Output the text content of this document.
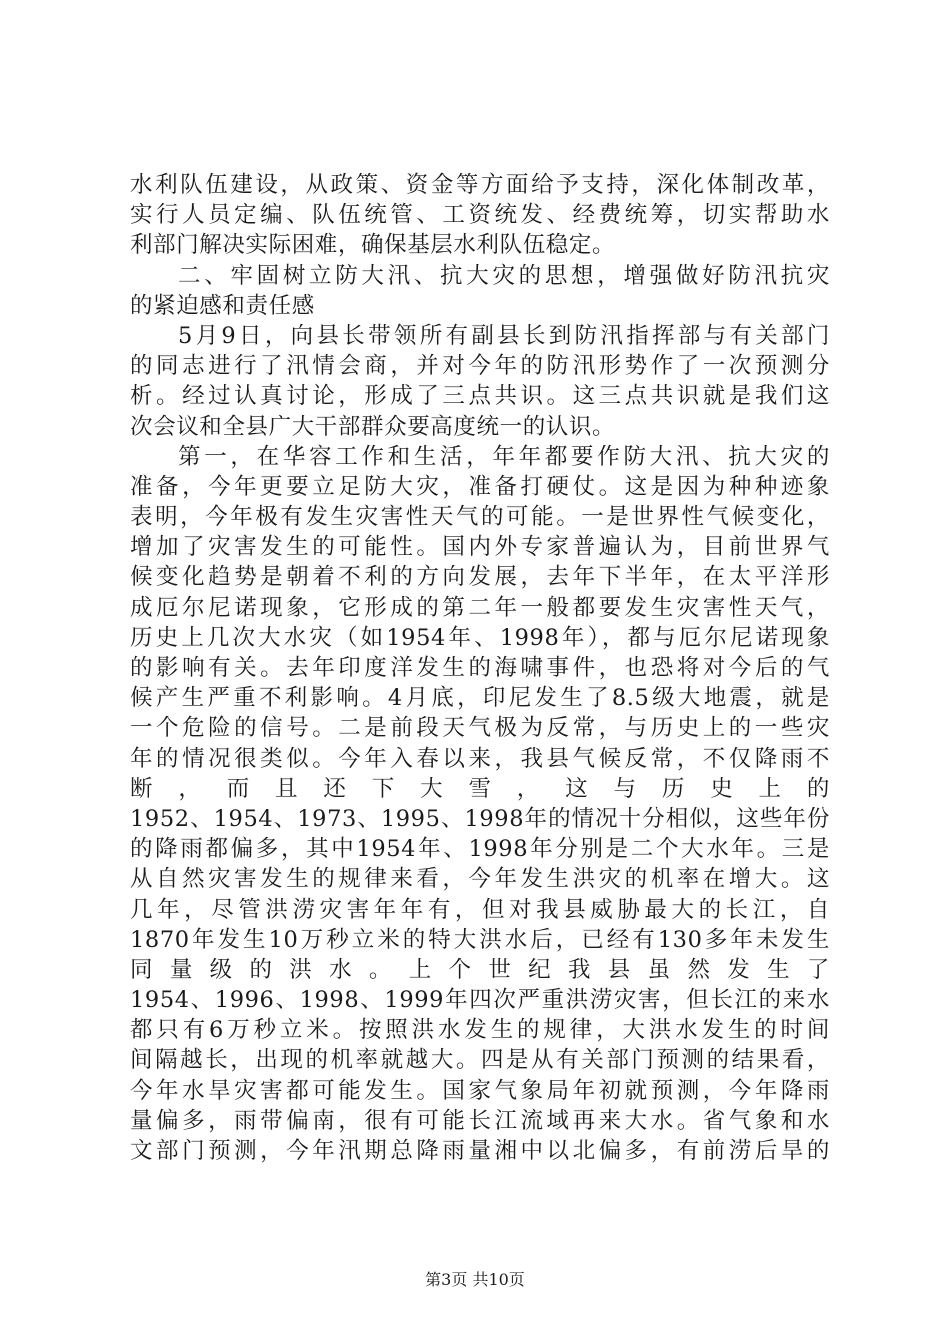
水利队伍建设，从政策、资金等方面给予支持，深化体制改革，
实行人员定编、队伍统管、工资统发、经费统筹，切实帮助水
利部门解决实际困难，确保基层水利队伍稳定。
二、牢固树立防大汛、抗大灾的思想，增强做好防汛抗灾
的紧迫感和责任感
5月9日，向县长带领所有副县长到防汛指挥部与有关部门
的同志进行了汛情会商，并对今年的防汛形势作了一次预测分
析。经过认真讨论，形成了三点共识。这三点共识就是我们这
次会议和全县广大干部群众要高度统一的认识。
第一，在华容工作和生活，年年都要作防大汛、抗大灾的
准备，今年更要立足防大灾，准备打硬仗。这是因为种种迹象
表明，今年极有发生灾害性天气的可能。一是世界性气候变化，
增加了灾害发生的可能性。国内外专家普遍认为，目前世界气
候变化趋势是朝着不利的方向发展，去年下半年，在太平洋形
成厄尔尼诺现象，它形成的第二年一般都要发生灾害性天气，
历史上几次大水灾（如1954年、1998年），都与厄尔尼诺现象
的影响有关。去年印度洋发生的海啸事件，也恐将对今后的气
候产生严重不利影响。4月底，印尼发生了8.5级大地震，就是
一个危险的信号。二是前段天气极为反常，与历史上的一些灾
年的情况很类似。今年入春以来，我县气候反常，不仅降雨不
断 ， 而 且 还 下 大 雪 ， 这 与 历 史 上 的
1952、1954、1973、1995、1998年的情况十分相似，这些年份
的降雨都偏多，其中1954年、1998年分别是二个大水年。三是
从自然灾害发生的规律来看，今年发生洪灾的机率在增大。这
几年，尽管洪涝灾害年年有，但对我县威胁最大的长江，自
1870年发生10万秒立米的特大洪水后，已经有130多年未发生
同 量 级 的 洪 水 。 上 个 世 纪 我 县 虽 然 发 生 了
1954、1996、1998、1999年四次严重洪涝灾害，但长江的来水
都只有6万秒立米。按照洪水发生的规律，大洪水发生的时间
间隔越长，出现的机率就越大。四是从有关部门预测的结果看，
今年水旱灾害都可能发生。国家气象局年初就预测，今年降雨
量偏多，雨带偏南，很有可能长江流域再来大水。省气象和水
文部门预测，今年汛期总降雨量湘中以北偏多，有前涝后旱的
第3页 共10页
